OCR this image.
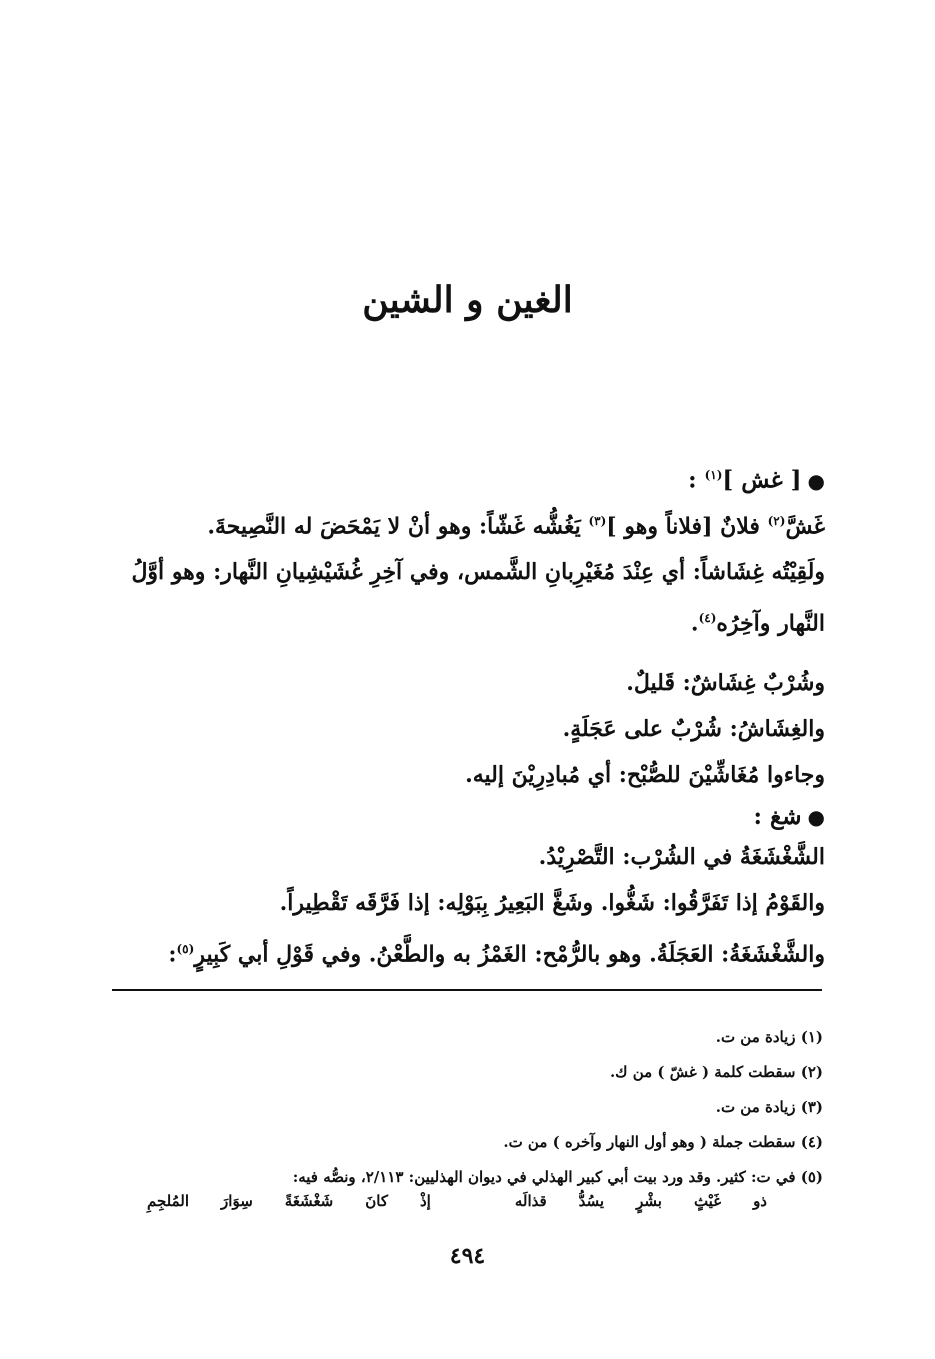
الغين و الشين
●[ غش ]$^{(١)}$ :
غَشَّ$^{(٢)}$ فلانٌ [فلاناً وهو ]$^{(٣)}$ يَغُشُّه غَشّاً: وهو أنْ لا يَمْحَضَ له النَّصِيحةَ.
ولَقِيْتُه غِشَاشاً: أي عِنْدَ مُغَيْرِبانِ الشَّمس، وفي آخِرِ غُشَيْشِيانِ النَّهار: وهو أوَّلُ النَّهار وآخِرُه$^{(٤)}$.
وشُرْبٌ غِشَاشٌ: قَليلٌ.
والغِشَاشُ: شُرْبٌ على عَجَلَةٍ.
وجاءوا مُغَاشِّيْنَ للصُّبْح: أي مُبادِرِيْنَ إليه.
●شغ :
الشَّغْشَغَةُ في الشُرْب: التَّصْرِيْدُ.
والقَوْمُ إذا تَفَرَّقُوا: شَغُّوا. وشَغَّ البَعِيرُ بِبَوْلِه: إذا فَرَّقَه تَقْطِيراً.
والشَّغْشَغَةُ: العَجَلَةُ. وهو بالرُّمْح: الغَمْزُ به والطَّعْنُ. وفي قَوْلِ أبي كَبِيرٍ$^{(٥)}$:
(١) زيادة من ت.
(٢) سقطت كلمة ( غشّ ) من ك.
(٣) زيادة من ت.
(٤) سقطت جملة ( وهو أول النهار وآخره ) من ت.
(٥) في ت: كثير. وقد ورد بيت أبي كبير الهذلي في ديوان الهذليين: ٢/١١٣، ونصُّه فيه:
ذو
غَيْثٍ
بشْرٍ
يسُدُّ
قذالَه
إذْ
كانَ
شَغْشَغَةً
سِوَارَ
المُلجِمِ
٤٩٤
